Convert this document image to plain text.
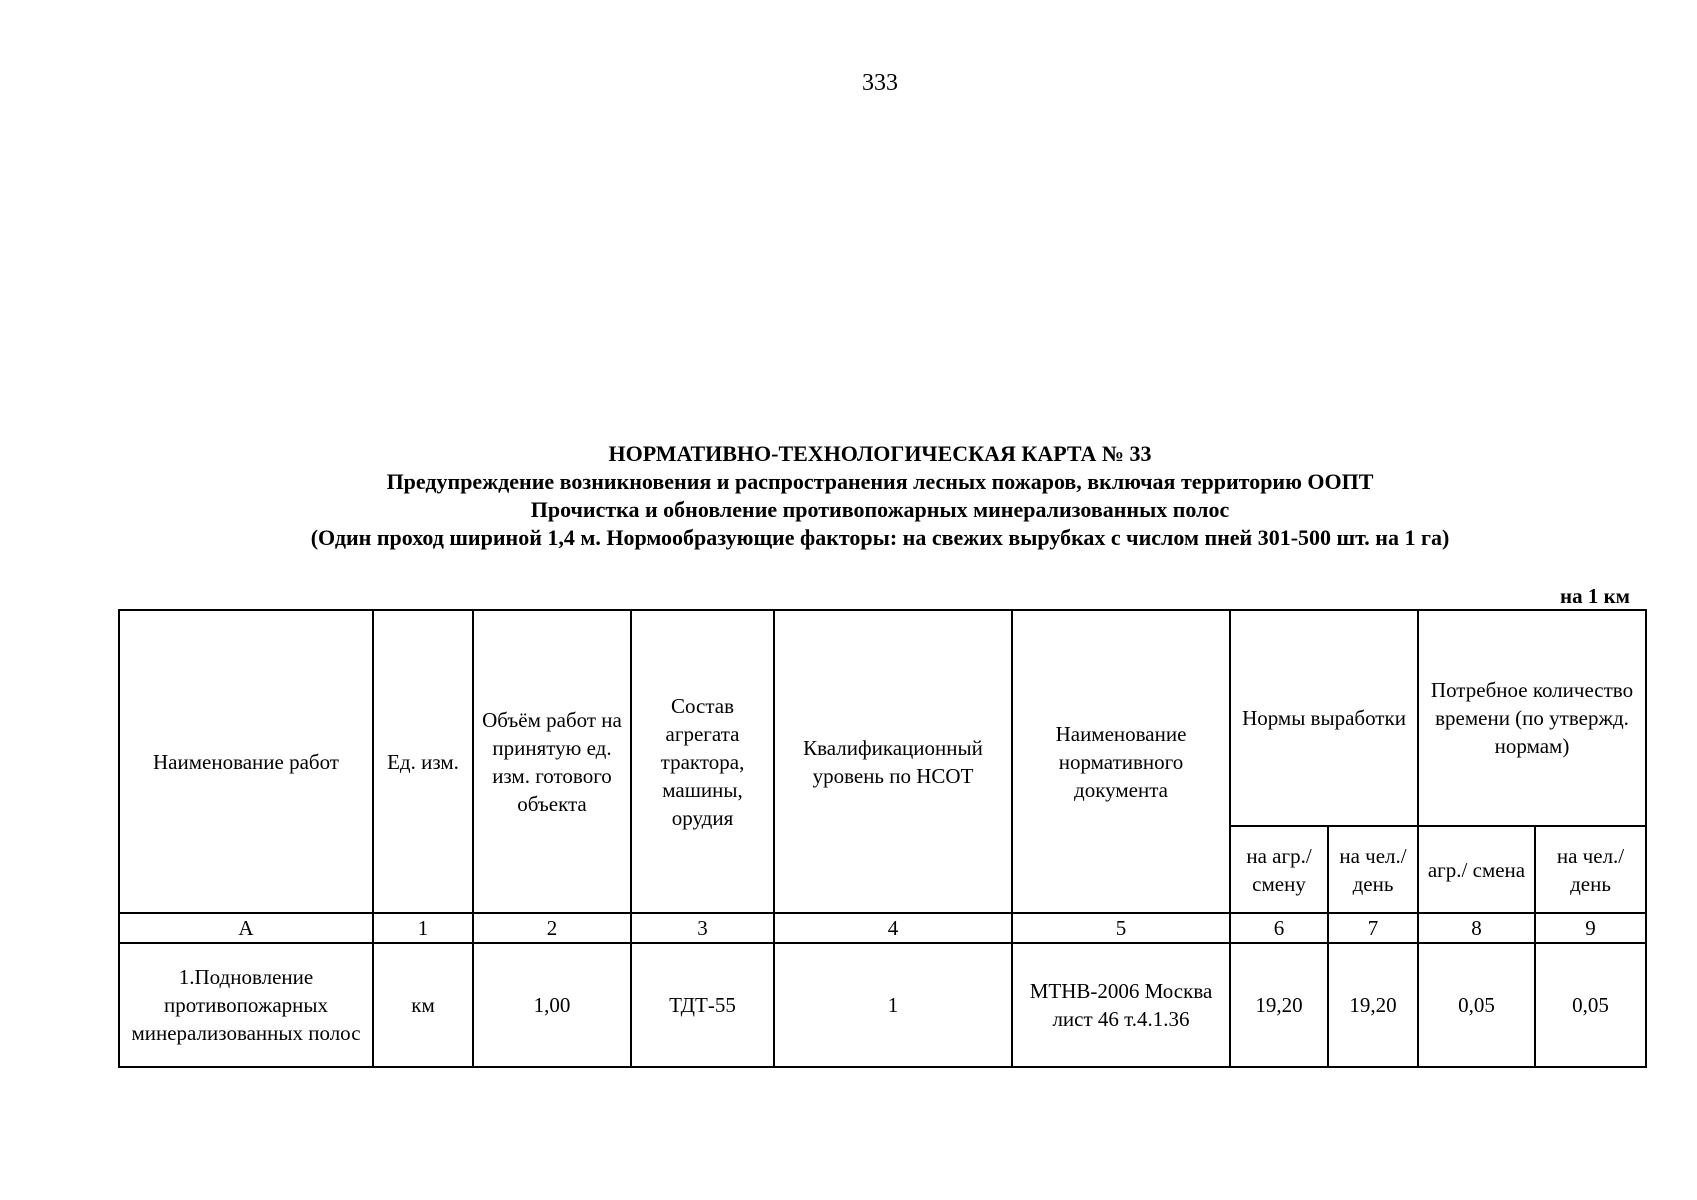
333
НОРМАТИВНО-ТЕХНОЛОГИЧЕСКАЯ КАРТА № 33
Предупреждение возникновения и распространения лесных пожаров, включая территорию ООПТ
Прочистка и обновление противопожарных минерализованных полос
(Один проход шириной 1,4 м. Нормообразующие факторы: на свежих вырубках с числом пней 301-500 шт. на 1 га)
на 1 км
Наименование работ	Ед. изм.	Объём работ на принятую ед. изм. готового объекта	Состав агрегата трактора, машины, орудия	Квалификационный уровень по НСОТ	Наименование нормативного документа	Нормы выработки		Потребное количество времени (по утвержд. нормам)	
						на агр./ смену	на чел./ день	агр./ смена	на чел./ день
А	1	2	3	4	5	6	7	8	9
1.Подновление противопожарных минерализованных полос	км	1,00	ТДТ-55	1	МТНВ-2006 Москва лист 46 т.4.1.36	19,20	19,20	0,05	0,05
